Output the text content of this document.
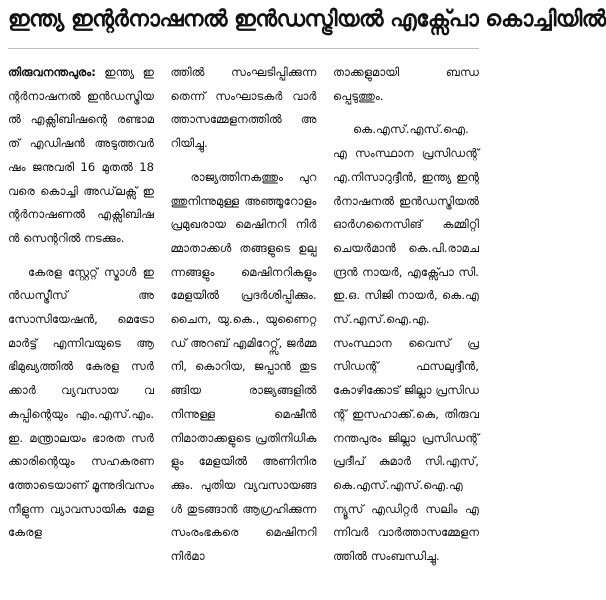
ഇന്ത്യ ഇന്റർനാഷനൽ ഇൻഡസ്ട്രിയൽ എക്സ്പോ കൊച്ചിയിൽ

തിരുവനന്തപുരം: ഇന്ത്യ ഇന്റർനാഷനൽ ഇൻഡസ്ട്രിയൽ എക്സിബിഷന്റെ രണ്ടാമത് എഡിഷൻ അടുത്തവർഷം ജനുവരി 16 മുതൽ 18 വരെ കൊച്ചി അഡ്‌ലക്സ് ഇന്റർനാഷണൽ എക്സിബിഷൻ സെന്ററിൽ നടക്കും.

കേരള സ്റ്റേറ്റ് സ്മാൾ ഇൻഡസ്ട്രീസ് അസോസിയേഷൻ, മെട്രോ മാർട്ട് എന്നിവയുടെ ആഭിമുഖ്യത്തിൽ കേരള സർക്കാർ വ്യവസായ വകുപ്പിന്റെയും എം.എസ്.എം.ഇ. മന്ത്രാലയം ഭാരത സർക്കാരിന്റെയും സഹകരണത്തോടെയാണ് മൂന്നുദിവസം നീളുന്ന വ്യാവസായിക മേള കേരള

ത്തിൽ സംഘടിപ്പിക്കുന്നതെന്ന് സംഘാടകർ വാർത്താസമ്മേളനത്തിൽ അറിയിച്ചു.

രാജ്യത്തിനകത്തും പുറത്തുനിന്നുമുള്ള അഞ്ഞൂറോളം പ്രമുഖരായ മെഷിനറി നിർമ്മാതാക്കൾ തങ്ങളുടെ ഉല്പന്നങ്ങളും മെഷിനറികളും മേളയിൽ പ്രദർശിപ്പിക്കും. ചൈന, യു.കെ., യുണൈറ്റഡ് അറബ് എമിറേറ്റ്സ്, ജർമ്മനി, കൊറിയ, ജപ്പാൻ തുടങ്ങിയ രാജ്യങ്ങളിൽ നിന്നുള്ള മെഷീൻ നിമാതാക്കളുടെ പ്രതിനിധികളും മേളയിൽ അണിനിരക്കും. പുതിയ വ്യവസായങ്ങൾ തുടങ്ങാൻ ആഗ്രഹിക്കുന്ന സംരംഭകരെ മെഷിനറി നിർമാ

താക്കളുമായി ബന്ധപ്പെടുത്തും.

കെ.എസ്.എസ്.ഐ.എ സംസ്ഥാന പ്രസിഡന്റ് എ.നിസാറുദ്ദീൻ, ഇന്ത്യ ഇന്റർനാഷനൽ ഇൻഡസ്ട്രിയൽ ഓർഗനൈസിങ് കമ്മിറ്റി ചെയർമാൻ കെ.പി.രാമചന്ദ്രൻ നായർ, എക്സ്പോ സി.ഇ.ഒ. സിജി നായർ, കെ.എസ്.എസ്.ഐ.എ. സംസ്ഥാന വൈസ് പ്രസിഡന്റ് ഫസലുദ്ദീൻ, കോഴിക്കോട് ജില്ലാ പ്രസിഡന്റ് ഇസഹാക്ക്.കെ, തിരുവനന്തപുരം ജില്ലാ പ്രസിഡന്റ് പ്രദീപ് കുമാർ സി.എസ്, കെ.എസ്.എസ്.ഐ.എ ന്യൂസ് എഡിറ്റർ സലിം എന്നിവർ വാർത്താസമ്മേളനത്തിൽ സംബന്ധിച്ചു.
